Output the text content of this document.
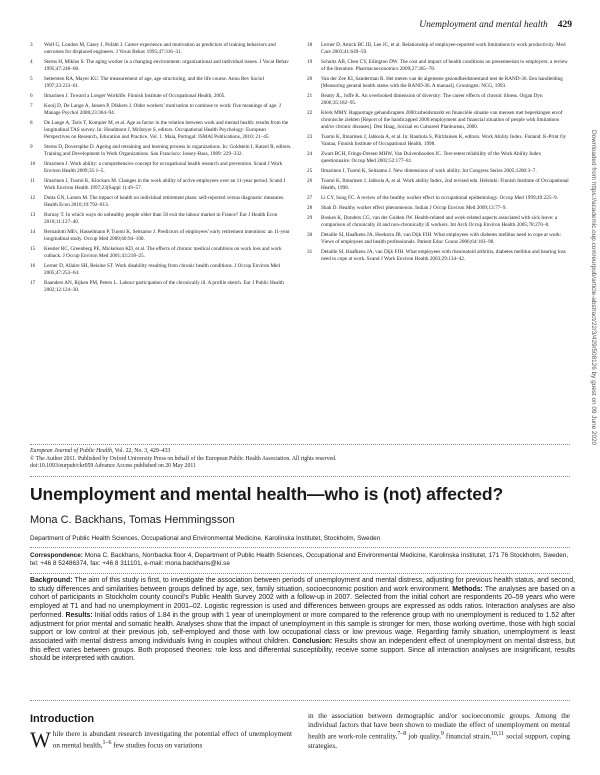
Unemployment and mental health 429
3	Wolf G, London M, Casey J, Pufahl J. Career experience and motivation as predictors of training behaviors and outcomes for displaced engineers. J Vocat Behav 1995;47:316–31.
4	Sterns H, Miklos S. The aging worker in a changing environment: organizational and individual issues. J Vocat Behav 1995;47:248–68.
5	Settersten RA, Mayer KU. The measurement of age, age structuring, and the life course. Annu Rev Sociol 1997;23:233–61.
6	Ilmarinen J. Toward a Longer Worklife. Finnish Institute of Occupational Health, 2005.
7	Kooij D, De Lange A, Jansen P, Dikkers J. Older workers’ motivation to continue to work: five meanings of age. J Manage Psychol 2008;23:364–94.
8	De Lange A, Taris T, Kompier M, et al. Age as factor in the relation between work and mental health: results from the longitudinal TAS survey. In: Houdmont J, McIntyre S, editors. Occupational Health Psychology: European Perspectives on Research, Education and Practice, Vol. 1. Maia, Portugal: ISMAI Publications, 2010: 21–45.
9	Sterns D, Doverspike D. Ageing and retraining and learning process in organizations. In: Goldstein I, Katzel R, editors. Training and Development in Work Organizations. San Francisco: Jossey-Bass, 1989: 229–332.
10	Ilmarinen J. Work ability: a comprehensive concept for occupational health research and prevention. Scand J Work Environ Health 2009;35:1–5.
11	Ilmarinen J, Tuomi K, Klockars M. Changes in the work ability of active employees over an 11-year period. Scand J Work Environ Health 1997;23(Suppl 1):49–57.
12	Dutta GN, Larsen M. The impact of health on individual retirement plans: self-reported versus diagnostic measures. Health Econ 2010;19:792–813.
13	Burnay T. In which ways do unhealthy people older than 50 exit the labour market in France? Eur J Health Econ 2010;11:127–40.
14	Bernadotti MEv, Hasselmann P, Tuomi K, Seitsamo J. Predictors of employees’ early retirement intentions: an 11-year longitudinal study. Occup Med 2009;60:94–100.
15	Kessler RC, Greenberg PE, Mickelson KD, et al. The effects of chronic medical conditions on work loss and work cutback. J Occup Environ Med 2001;43:218–25.
16	Lerner D, Allaire SH, Reisine ST. Work disability resulting from chronic health conditions. J Occup Environ Med 2005;47:253–64.
17	Baanders AN, Rijken PM, Peters L. Labour participation of the chronically ill. A profile sketch. Eur J Public Health 2002;12:124–30.
18	Lerner D, Amick BC III, Lee JC, et al. Relationship of employee-reported work limitations to work productivity. Med Care 2003;41:649–59.
19	Schultz AB, Chen CY, Edington DW. The cost and impact of health conditions on presenteeism to employers: a review of the literature. Pharmacoeconomics 2009;27:365–78.
20	Van der Zee KI, Sanderman R. Het meten van de algemene gezondheidstoestand met de RAND-36. Een handleiding [Measuring general health status with the RAND-36. A manual]. Groningen: NCG, 1993.
21	Beatty JL, Joffe K. An overlooked dimension of diversity: The career effects of chronic illness. Organ Dyn 2006;35:182–95.
22	Klerk MMY. Rapportage gehandicapten 2000:arbeidsmarkt en financiële situatie van mensen met beperkingen en/of chronische ziekten [Report of the handicapped 2000:employment and financial situation of people with limitations and/or chronic diseases]. Den Haag, Sociaal en Cultureel Planbureau, 2000.
23	Tuomi K, Ilmarinen J, Jahkola A, et al. In: Rautiola S, Piirtilainen K, editors. Work Ability Index. Finland: K-Print Oy Vantaa, Finnish Institute of Occupational Health, 1998.
24	Zwart BCH, Frings-Dresen MHW, Van Duivenbooden JC. Test-retest reliability of the Work Ability Index questionnaire. Occup Med 2002;52:177–81.
25	Ilmarinen J, Tuomi K, Seitsamo J. New dimensions of work ability. Int Congress Series 2005;1280:3–7.
26	Tuomi K, Ilmarinen J, Jahkola A, et al. Work ability Index, 2nd revised edn. Helsinki: Finnish Institute of Occupational Health, 1998.
27	Li CY, Sung FC. A review of the healthy worker effect in occupational epidemiology. Occup Med 1999;49:225–9.
28	Shah D. Healthy worker effect phenomenon. Indian J Occup Environ Med 2009;13:77–9.
29	Boskes K, Donders CG, van der Gulden JW. Health-related and work-related aspects associated with sick leave: a comparison of chronically ill and non-chronically ill workers. Int Arch Occup Environ Health 2005;78:270–8.
30	Detaille SI, Haafkens JA, Hoekstra JB, van Dijk FJH. What employees with diabetes mellitus need to cope at work: Views of employees and health professionals. Patient Educ Couns 2006;64:183–90.
31	Detaille SI, Haafkens JA, van Dijk FJH. What employees with rheumatoid arthritis, diabetes mellitus and hearing loss need to cope at work. Scand J Work Environ Health 2003;29:134–42.	Downloaded from https://academic.oup.com/eurpub/article-abstract/22/3/429/508126 by guest on 09 June 2020
European Journal of Public Health, Vol. 22, No. 3, 429–433
© The Author 2011. Published by Oxford University Press on behalf of the European Public Health Association. All rights reserved.
doi:10.1093/eurpub/ckr059 Advance Access published on 20 May 2011
Unemployment and mental health—who is (not) affected?
Mona C. Backhans, Tomas Hemmingsson
Department of Public Health Sciences, Occupational and Environmental Medicine, Karolinska Institutet, Stockholm, Sweden
Correspondence: Mona C. Backhans, Norrbacka floor 4, Department of Public Health Sciences, Occupational and Environmental Medicine, Karolinska Institutet, 171 76 Stockholm, Sweden, tel: +46 8 52486374, fax: +46 8 311101, e-mail: mona.backhans@ki.se
Background: The aim of this study is first, to investigate the association between periods of unemployment and mental distress, adjusting for previous health status, and second, to study differences and similarities between groups defined by age, sex, family situation, socioeconomic position and work environment. Methods: The analyses are based on a cohort of participants in Stockholm county council’s Public Health Survey 2002 with a follow-up in 2007. Selected from the initial cohort are respondents 20–59 years who were employed at T1 and had no unemployment in 2001–02. Logistic regression is used and differences between groups are expressed as odds ratios. Interaction analyses are also performed. Results: Initial odds ratios of 1.84 in the group with 1 year of unemployment or more compared to the reference group with no unemployment is reduced to 1.52 after adjustment for prior mental and somatic health. Analyses show that the impact of unemployment in this sample is stronger for men, those working overtime, those with high social support or low control at their previous job, self-employed and those with low occupational class or low previous wage. Regarding family situation, unemployment is least associated with mental distress among individuals living in couples without children. Conclusion: Results show an independent effect of unemployment on mental distress, but this effect varies between groups. Both proposed theories: role loss and differential susceptibility, receive some support. Since all interaction analyses are insignificant, results should be interpreted with caution.
Introduction
While there is abundant research investigating the potential effect of unemployment on mental health,$^{1-6}$ few studies focus on variations
in the association between demographic and/or socioeconomic groups. Among the individual factors that have been shown to mediate the effect of unemployment on mental health are work-role centrality,$^{7-8}$ job quality,$^9$ financial strain,$^{10,11}$ social support, coping strategies,
